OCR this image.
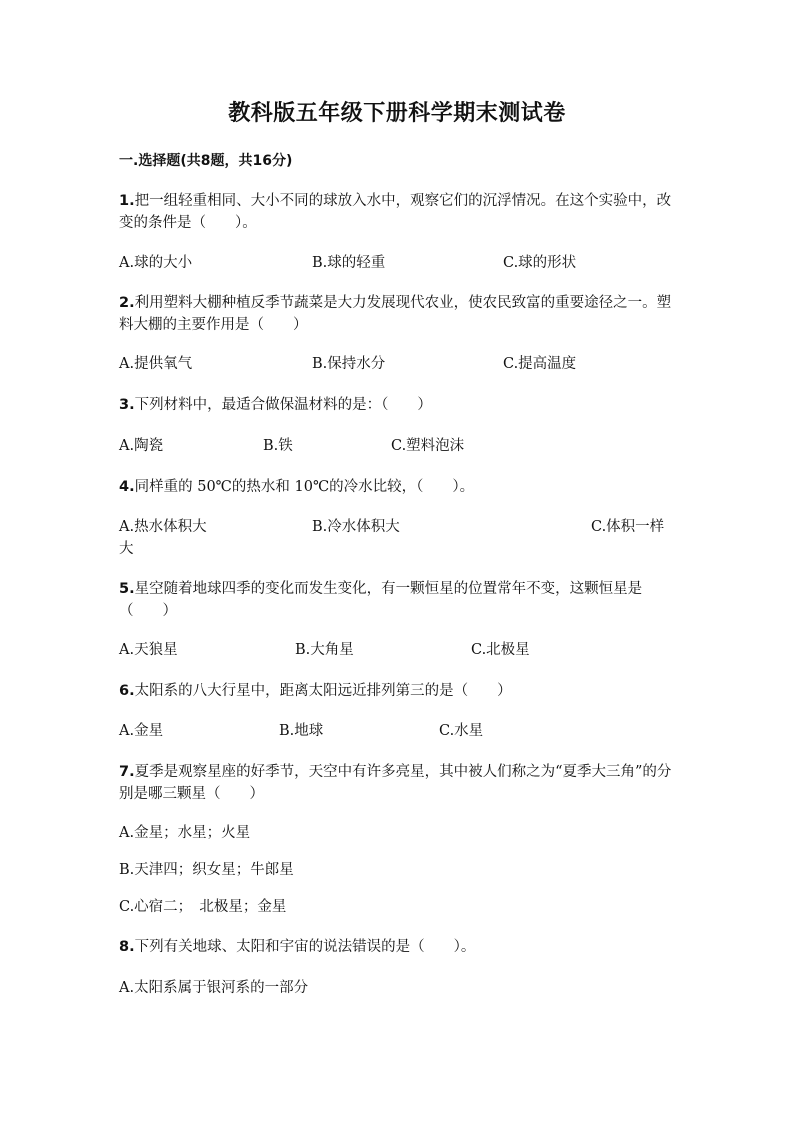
教科版五年级下册科学期末测试卷
一.选择题(共8题，共16分)
1.把一组轻重相同、大小不同的球放入水中，观察它们的沉浮情况。在这个实验中，改变的条件是（　　）。
A.球的大小	B.球的轻重	C.球的形状
2.利用塑料大棚种植反季节蔬菜是大力发展现代农业，使农民致富的重要途径之一。塑料大棚的主要作用是（　　）
A.提供氧气	B.保持水分	C.提高温度
3.下列材料中，最适合做保温材料的是：（　　）
A.陶瓷	B.铁	C.塑料泡沫
4.同样重的 50℃的热水和 10℃的冷水比较，（　　）。
A.热水体积大	B.冷水体积大	C.体积一样
大
5.星空随着地球四季的变化而发生变化，有一颗恒星的位置常年不变，这颗恒星是（　　）
A.天狼星	B.大角星	C.北极星
6.太阳系的八大行星中，距离太阳远近排列第三的是（　　）
A.金星	B.地球	C.水星
7.夏季是观察星座的好季节，天空中有许多亮星，其中被人们称之为“夏季大三角”的分别是哪三颗星（　　）
A.金星；水星；火星
B.天津四；织女星；牛郎星
C.心宿二；　北极星；金星
8.下列有关地球、太阳和宇宙的说法错误的是（　　）。
A.太阳系属于银河系的一部分
